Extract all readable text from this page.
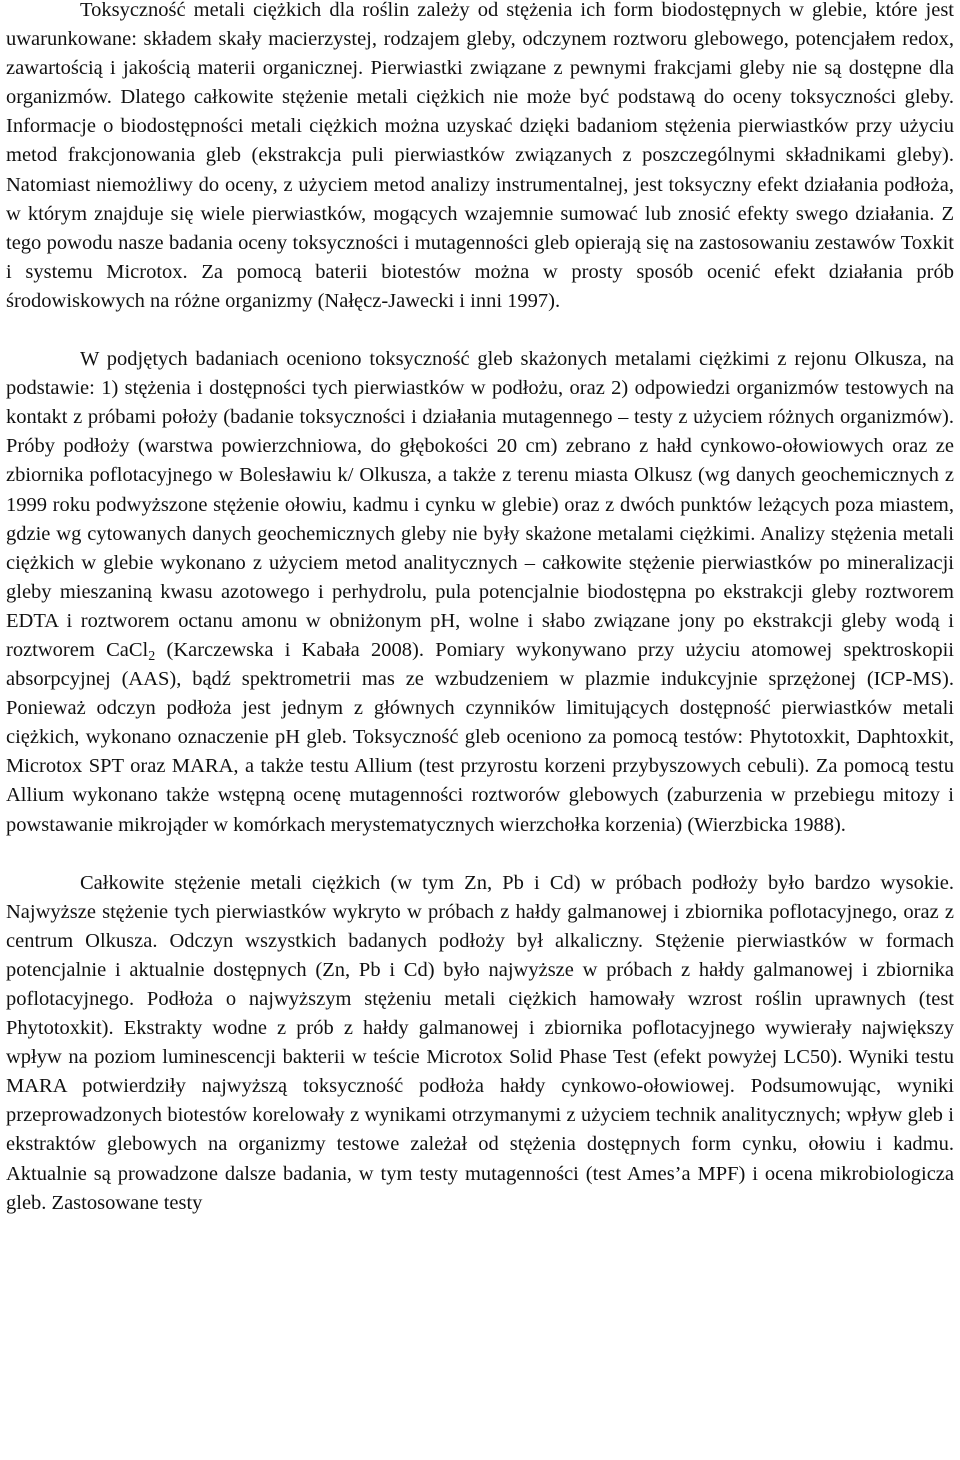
Toksyczność metali ciężkich dla roślin zależy od stężenia ich form biodostępnych w glebie, które jest uwarunkowane: składem skały macierzystej, rodzajem gleby, odczynem roztworu glebowego, potencjałem redox, zawartością i jakością materii organicznej. Pierwiastki związane z pewnymi frakcjami gleby nie są dostępne dla organizmów. Dlatego całkowite stężenie metali ciężkich nie może być podstawą do oceny toksyczności gleby. Informacje o biodostępności metali ciężkich można uzyskać dzięki badaniom stężenia pierwiastków przy użyciu metod frakcjonowania gleb (ekstrakcja puli pierwiastków związanych z poszczególnymi składnikami gleby). Natomiast niemożliwy do oceny, z użyciem metod analizy instrumentalnej, jest toksyczny efekt działania podłoża, w którym znajduje się wiele pierwiastków, mogących wzajemnie sumować lub znosić efekty swego działania. Z tego powodu nasze badania oceny toksyczności i mutagenności gleb opierają się na zastosowaniu zestawów Toxkit i systemu Microtox. Za pomocą baterii biotestów można w prosty sposób ocenić efekt działania prób środowiskowych na różne organizmy (Nałęcz-Jawecki i inni 1997).

W podjętych badaniach oceniono toksyczność gleb skażonych metalami ciężkimi z rejonu Olkusza, na podstawie: 1) stężenia i dostępności tych pierwiastków w podłożu, oraz 2) odpowiedzi organizmów testowych na kontakt z próbami położy (badanie toksyczności i działania mutagennego – testy z użyciem różnych organizmów). Próby podłoży (warstwa powierzchniowa, do głębokości 20 cm) zebrano z hałd cynkowo-ołowiowych oraz ze zbiornika poflotacyjnego w Bolesławiu k/ Olkusza, a także z terenu miasta Olkusz (wg danych geochemicznych z 1999 roku podwyższone stężenie ołowiu, kadmu i cynku w glebie) oraz z dwóch punktów leżących poza miastem, gdzie wg cytowanych danych geochemicznych gleby nie były skażone metalami ciężkimi. Analizy stężenia metali ciężkich w glebie wykonano z użyciem metod analitycznych – całkowite stężenie pierwiastków po mineralizacji gleby mieszaniną kwasu azotowego i perhydrolu, pula potencjalnie biodostępna po ekstrakcji gleby roztworem EDTA i roztworem octanu amonu w obniżonym pH, wolne i słabo związane jony po ekstrakcji gleby wodą i roztworem CaCl$_2$ (Karczewska i Kabała 2008). Pomiary wykonywano przy użyciu atomowej spektroskopii absorpcyjnej (AAS), bądź spektrometrii mas ze wzbudzeniem w plazmie indukcyjnie sprzężonej (ICP-MS). Ponieważ odczyn podłoża jest jednym z głównych czynników limitujących dostępność pierwiastków metali ciężkich, wykonano oznaczenie pH gleb. Toksyczność gleb oceniono za pomocą testów: Phytotoxkit, Daphtoxkit, Microtox SPT oraz MARA, a także testu Allium (test przyrostu korzeni przybyszowych cebuli). Za pomocą testu Allium wykonano także wstępną ocenę mutagenności roztworów glebowych (zaburzenia w przebiegu mitozy i powstawanie mikrojąder w komórkach merystematycznych wierzchołka korzenia) (Wierzbicka 1988).

Całkowite stężenie metali ciężkich (w tym Zn, Pb i Cd) w próbach podłoży było bardzo wysokie. Najwyższe stężenie tych pierwiastków wykryto w próbach z hałdy galmanowej i zbiornika poflotacyjnego, oraz z centrum Olkusza. Odczyn wszystkich badanych podłoży był alkaliczny. Stężenie pierwiastków w formach potencjalnie i aktualnie dostępnych (Zn, Pb i Cd) było najwyższe w próbach z hałdy galmanowej i zbiornika poflotacyjnego. Podłoża o najwyższym stężeniu metali ciężkich hamowały wzrost roślin uprawnych (test Phytotoxkit). Ekstrakty wodne z prób z hałdy galmanowej i zbiornika poflotacyjnego wywierały największy wpływ na poziom luminescencji bakterii w teście Microtox Solid Phase Test (efekt powyżej LC50). Wyniki testu MARA potwierdziły najwyższą toksyczność podłoża hałdy cynkowo-ołowiowej. Podsumowując, wyniki przeprowadzonych biotestów korelowały z wynikami otrzymanymi z użyciem technik analitycznych; wpływ gleb i ekstraktów glebowych na organizmy testowe zależał od stężenia dostępnych form cynku, ołowiu i kadmu. Aktualnie są prowadzone dalsze badania, w tym testy mutagenności (test Ames’a MPF) i ocena mikrobiologicza gleb. Zastosowane testy
